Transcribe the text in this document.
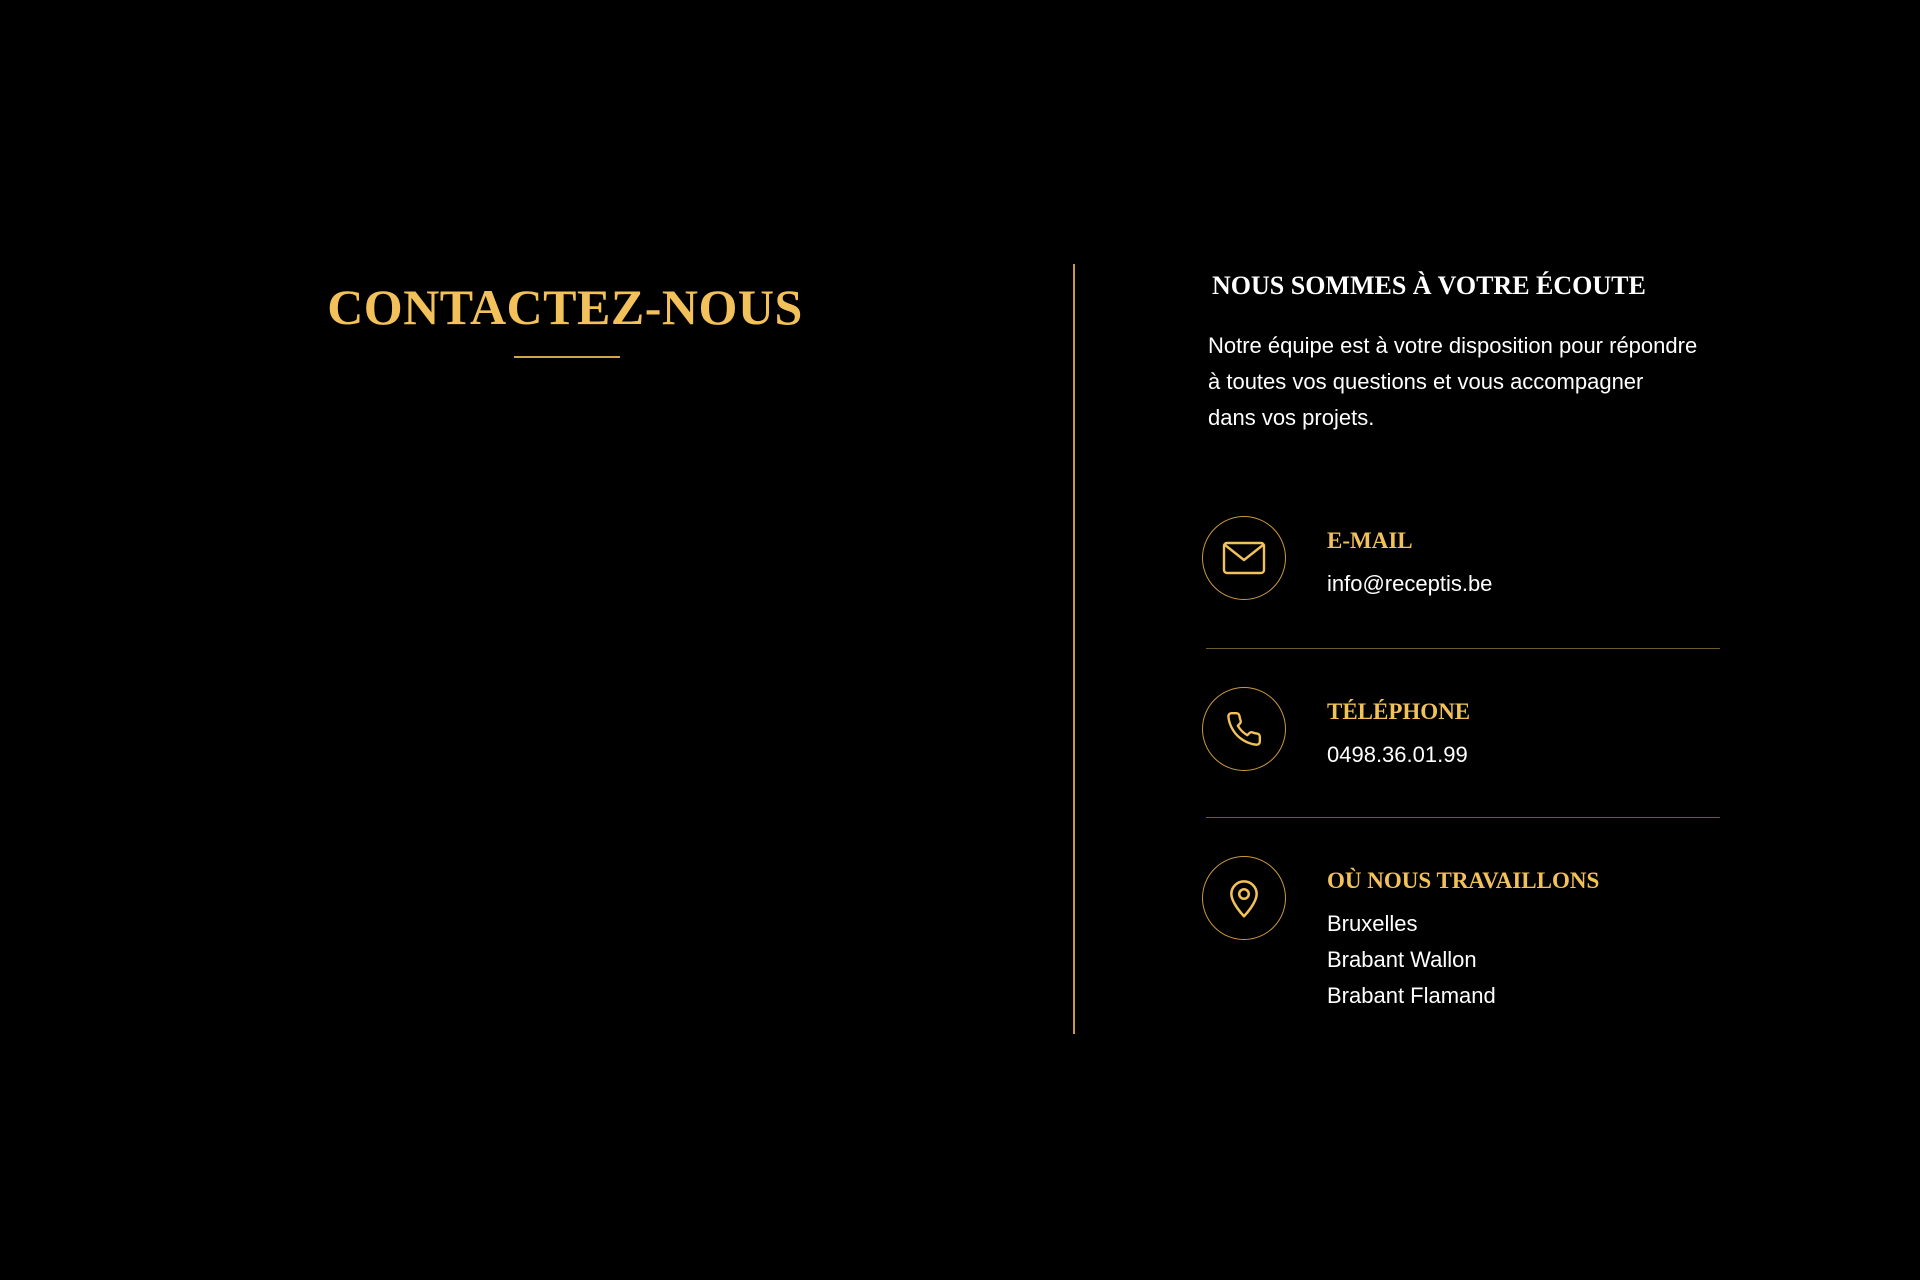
CONTACTEZ-NOUS	NOUS SOMMES À VOTRE ÉCOUTE

Notre équipe est à votre disposition pour répondre
à toutes vos questions et vous accompagner
dans vos projets.

E-MAIL
info@receptis.be
TÉLÉPHONE
0498.36.01.99
OÙ NOUS TRAVAILLONS
Bruxelles
Brabant Wallon
Brabant Flamand
